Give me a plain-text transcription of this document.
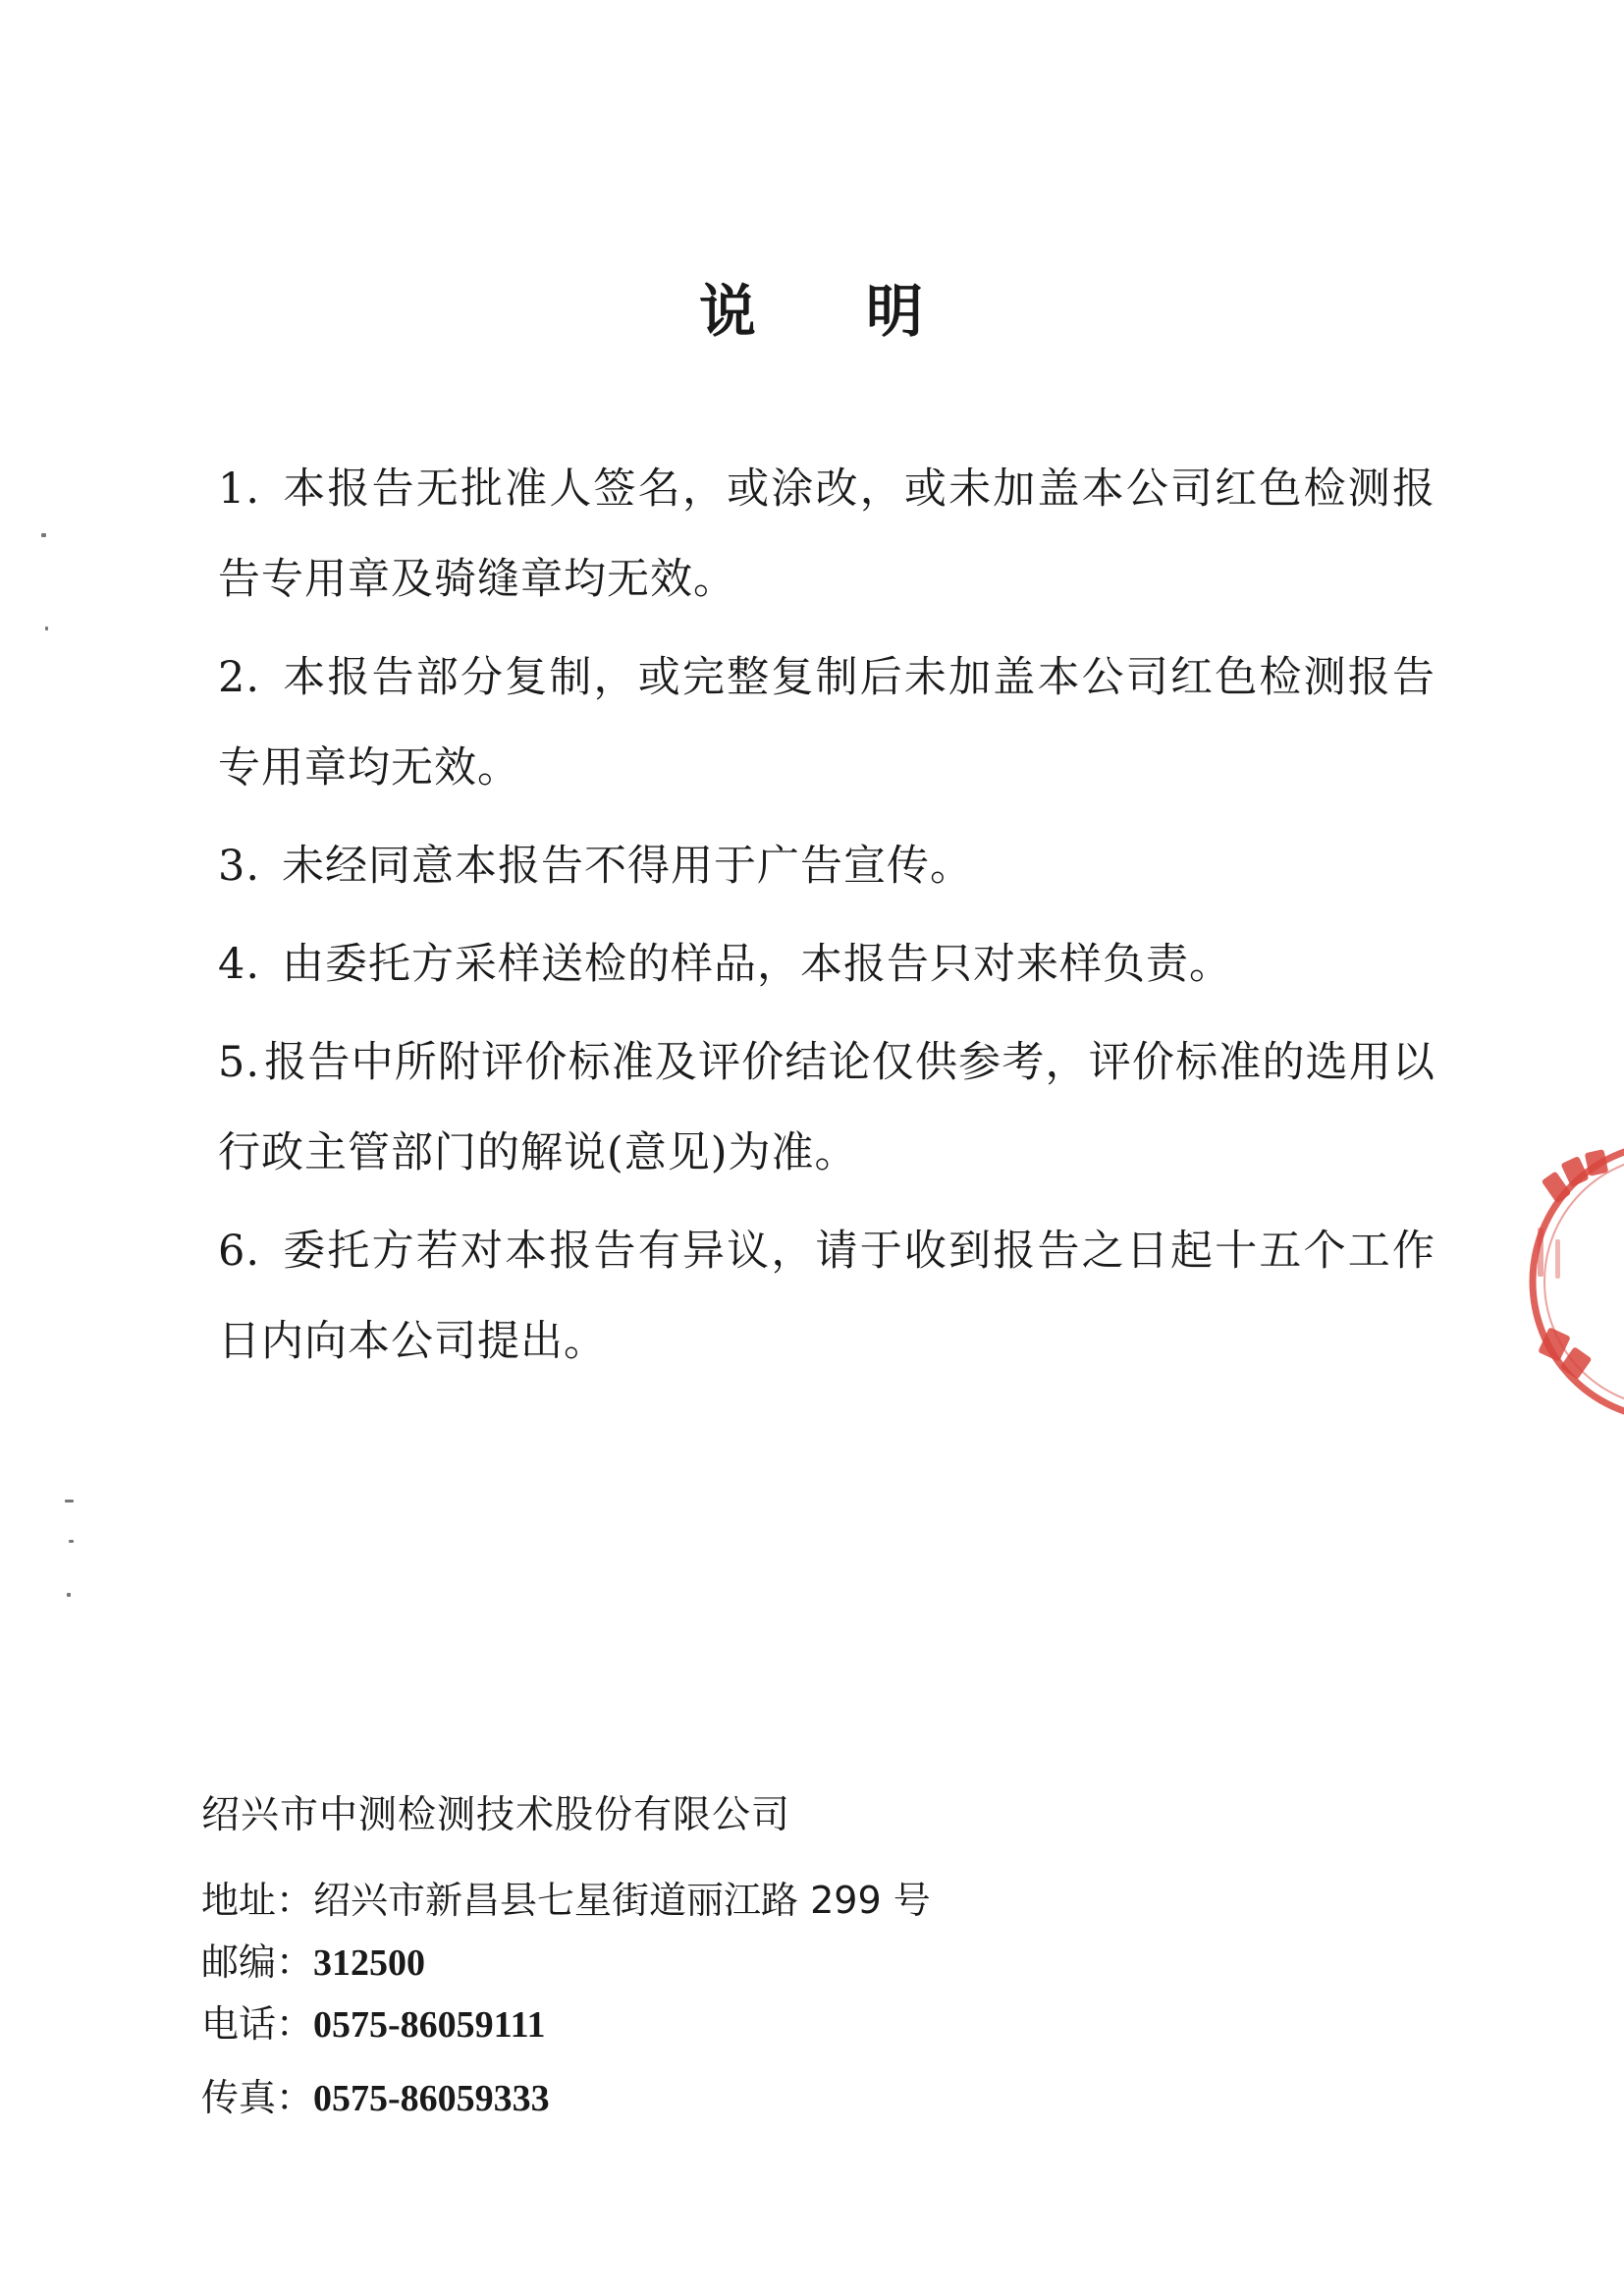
说 明
1. 本报告无批准人签名，或涂改，或未加盖本公司红色检测报告专用章及骑缝章均无效。
2. 本报告部分复制，或完整复制后未加盖本公司红色检测报告专用章均无效。
3. 未经同意本报告不得用于广告宣传。
4. 由委托方采样送检的样品，本报告只对来样负责。
5.报告中所附评价标准及评价结论仅供参考，评价标准的选用以行政主管部门的解说(意见)为准。
6. 委托方若对本报告有异议，请于收到报告之日起十五个工作日内向本公司提出。
绍兴市中测检测技术股份有限公司
地址：绍兴市新昌县七星街道丽江路 299 号
邮编：312500
电话：0575-86059111
传真：0575-86059333
